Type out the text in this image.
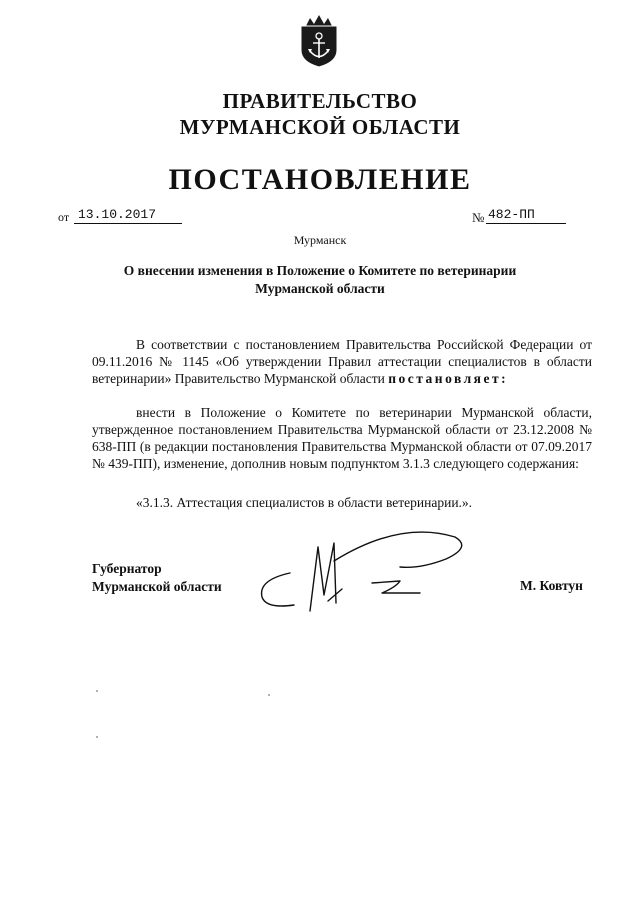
ПРАВИТЕЛЬСТВО
МУРМАНСКОЙ ОБЛАСТИ
ПОСТАНОВЛЕНИЕ
от 13.10.2017	№ 482-ПП
Мурманск
О внесении изменения в Положение о Комитете по ветеринарии
Мурманской области
В соответствии с постановлением Правительства Российской Федерации от 09.11.2016 № 1145 «Об утверждении Правил аттестации специалистов в области ветеринарии» Правительство Мурманской области постановляет:
внести в Положение о Комитете по ветеринарии Мурманской области, утвержденное постановлением Правительства Мурманской области от 23.12.2008 № 638-ПП (в редакции постановления Правительства Мурманской области от 07.09.2017 № 439-ПП), изменение, дополнив новым подпунктом 3.1.3 следующего содержания:
«3.1.3. Аттестация специалистов в области ветеринарии.».
Губернатор
Мурманской области	М. Ковтун
